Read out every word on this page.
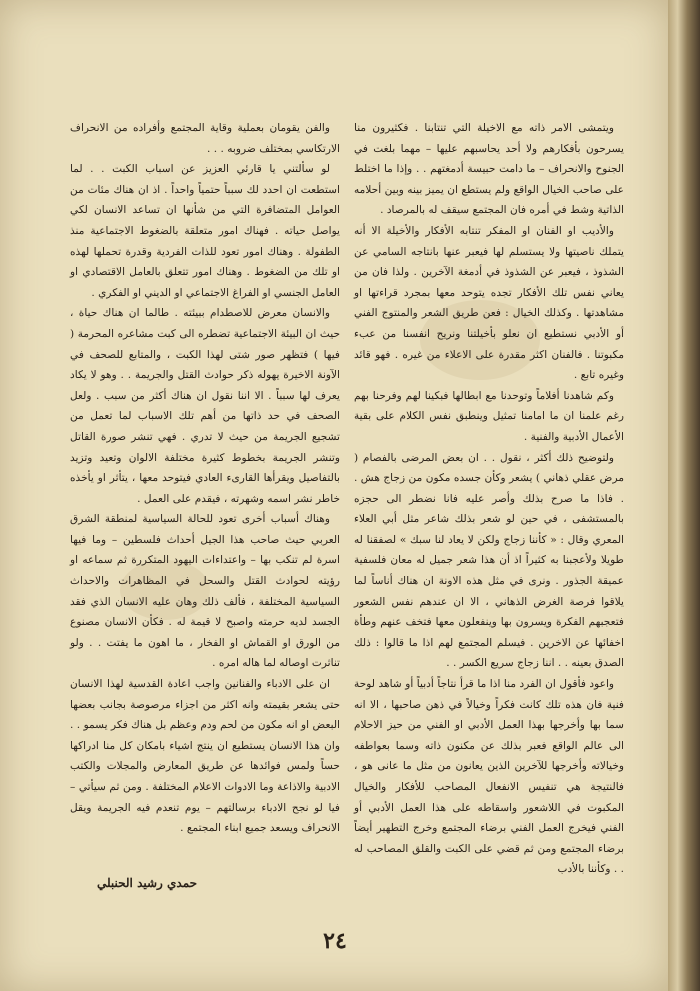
ويتمشى الامر ذاته مع الاخيلة التي تنتابنا . فكثيرون منا يسرحون بأفكارهم ولا أحد يحاسبهم عليها – مهما بلغت في الجنوح والانحراف – ما دامت حبيسة أدمغتهم . . وإذا ما اختلط على صاحب الخيال الواقع ولم يستطع ان يميز بينه وبين أحلامه الذاتية وشط في أمره فان المجتمع سيقف له بالمرصاد .

والأديب او الفنان او المفكر تنتابه الأفكار والأخيلة الا أنه يتملك ناصيتها ولا يستسلم لها فيعبر عنها بانتاجه السامي عن الشذوذ ، فيعبر عن الشذوذ في أدمغة الآخرين . ولذا فان من يعاني نفس تلك الأفكار تجده يتوحد معها بمجرد قراءتها او مشاهدتها . وكذلك الخيال : فعن طريق الشعر والمنتوج الفني أو الأدبي نستطيع ان نعلو بأخيلتنا ونريح انفسنا من عبء مكبوتنا . فالفنان اكثر مقدرة على الاعلاء من غيره . فهو قائد وغيره تابع .

وكم شاهدنا أفلاماً وتوحدنا مع ابطالها فبكينا لهم وفرحنا بهم رغم علمنا ان ما امامنا تمثيل وينطبق نفس الكلام على بقية الأعمال الأدبية والفنية .

ولتوضيح ذلك أكثر ، نقول . . ان بعض المرضى بالفصام ( مرض عقلي ذهاني ) يشعر وكأن جسده مكون من زجاج هش . . فاذا ما صرح بذلك وأصر عليه فانا نضطر الى حجزه بالمستشفى ، في حين لو شعر بذلك شاعر مثل أبي العلاء المعري وقال : « كأننا زجاج ولكن لا يعاد لنا سبك » لصفقنا له طويلا ولأعجبنا به كثيراً اذ أن هذا شعر جميل له معان فلسفية عميقة الجذور . ونرى في مثل هذه الاونة ان هناك أناساً لما يلاقوا فرصة الغرض الذهاني ، الا ان عندهم نفس الشعور فتعجبهم الفكرة ويسرون بها وينفعلون معها فتخف عنهم وطأة اخفائها عن الاخرين . فيسلم المجتمع لهم اذا ما قالوا : ذلك الصدق بعينه . . اننا زجاج سريع الكسر . .

واعود فأقول ان الفرد منا اذا ما قرأ نتاجاً أدبياً أو شاهد لوحة فنية فان هذه تلك كانت فكراً وخيالاً في ذهن صاحبها ، الا انه سما بها وأخرجها بهذا العمل الأدبي او الفني من حيز الاحلام الى عالم الواقع فعبر بذلك عن مكنون ذاته وسما بعواطفه وخيالاته وأخرجها للآخرين الذين يعانون من مثل ما عانى هو ، فالنتيجة هي تنفيس الانفعال المصاحب للأفكار والخيال المكبوت في اللاشعور واسقاطه على هذا العمل الأدبي أو الفني فيخرج العمل الفني برضاء المجتمع وخرج التطهير أيضاً برضاء المجتمع ومن ثم قضي على الكبت والقلق المصاحب له . . وكأننا بالأدب

والفن يقومان بعملية وقاية المجتمع وأفراده من الانحراف الارتكاسي بمختلف ضروبه . . .

لو سألتني يا قارئي العزيز عن اسباب الكبت . . لما استطعت ان احدد لك سبباً حتمياً واحداً . اذ ان هناك مئات من العوامل المتضافرة التي من شأنها ان تساعد الانسان لكي يواصل حياته . فهناك امور متعلقة بالضغوط الاجتماعية منذ الطفولة . وهناك امور تعود للذات الفردية وقدرة تحملها لهذه او تلك من الضغوط . وهناك امور تتعلق بالعامل الاقتصادي او العامل الجنسي او الفراغ الاجتماعي او الديني او الفكري .

والانسان معرض للاصطدام ببيئته . طالما ان هناك حياة ، حيث ان البيئة الاجتماعية تضطره الى كبت مشاعره المحرمة ( فيها ) فتظهر صور شتى لهذا الكبت ، والمتابع للصحف في الآونة الاخيرة يهوله ذكر حوادث القتل والجريمة . . وهو لا يكاد يعرف لها سبباً . الا اننا نقول ان هناك أكثر من سبب . ولعل الصحف في حد ذاتها من أهم تلك الاسباب لما تعمل من تشجيع الجريمة من حيث لا تدري . فهي تنشر صورة القاتل وتنشر الجريمة بخطوط كثيرة مختلفة الالوان وتعيد وتزيد بالتفاصيل ويقرأها القارىء العادي فيتوحد معها ، يتأثر او يأخذه خاطر نشر اسمه وشهرته ، فيقدم على العمل .

وهناك أسباب أخرى تعود للحالة السياسية لمنطقة الشرق العربي حيث صاحب هذا الجيل أحداث فلسطين – وما فيها اسرة لم تنكب بها – واعتداءات اليهود المتكررة ثم سماعه او رؤيته لحوادث القتل والسحل في المظاهرات والاحداث السياسية المختلفة ، فألف ذلك وهان عليه الانسان الذي فقد الجسد لديه حرمته واصبح لا قيمة له . فكأن الانسان مصنوع من الورق او القماش او الفخار ، ما اهون ما يفتت . . ولو تناثرت اوصاله لما هاله امره .

ان على الادباء والفنانين واجب اعادة القدسية لهذا الانسان حتى يشعر بقيمته وانه اكثر من اجزاء مرصوصة بجانب بعضها البعض او انه مكون من لحم ودم وعظم بل هناك فكر يسمو . . وان هذا الانسان يستطيع ان ينتج اشياء بامكان كل منا ادراكها حساً ولمس فوائدها عن طريق المعارض والمجلات والكتب الادبية والاذاعة وما الادوات الاعلام المختلفة . ومن ثم سيأتي – فيا لو نجح الادباء برسالتهم – يوم تنعدم فيه الجريمة ويقل الانحراف ويسعد جميع ابناء المجتمع .

حمدي رشيد الحنبلي
٢٤
